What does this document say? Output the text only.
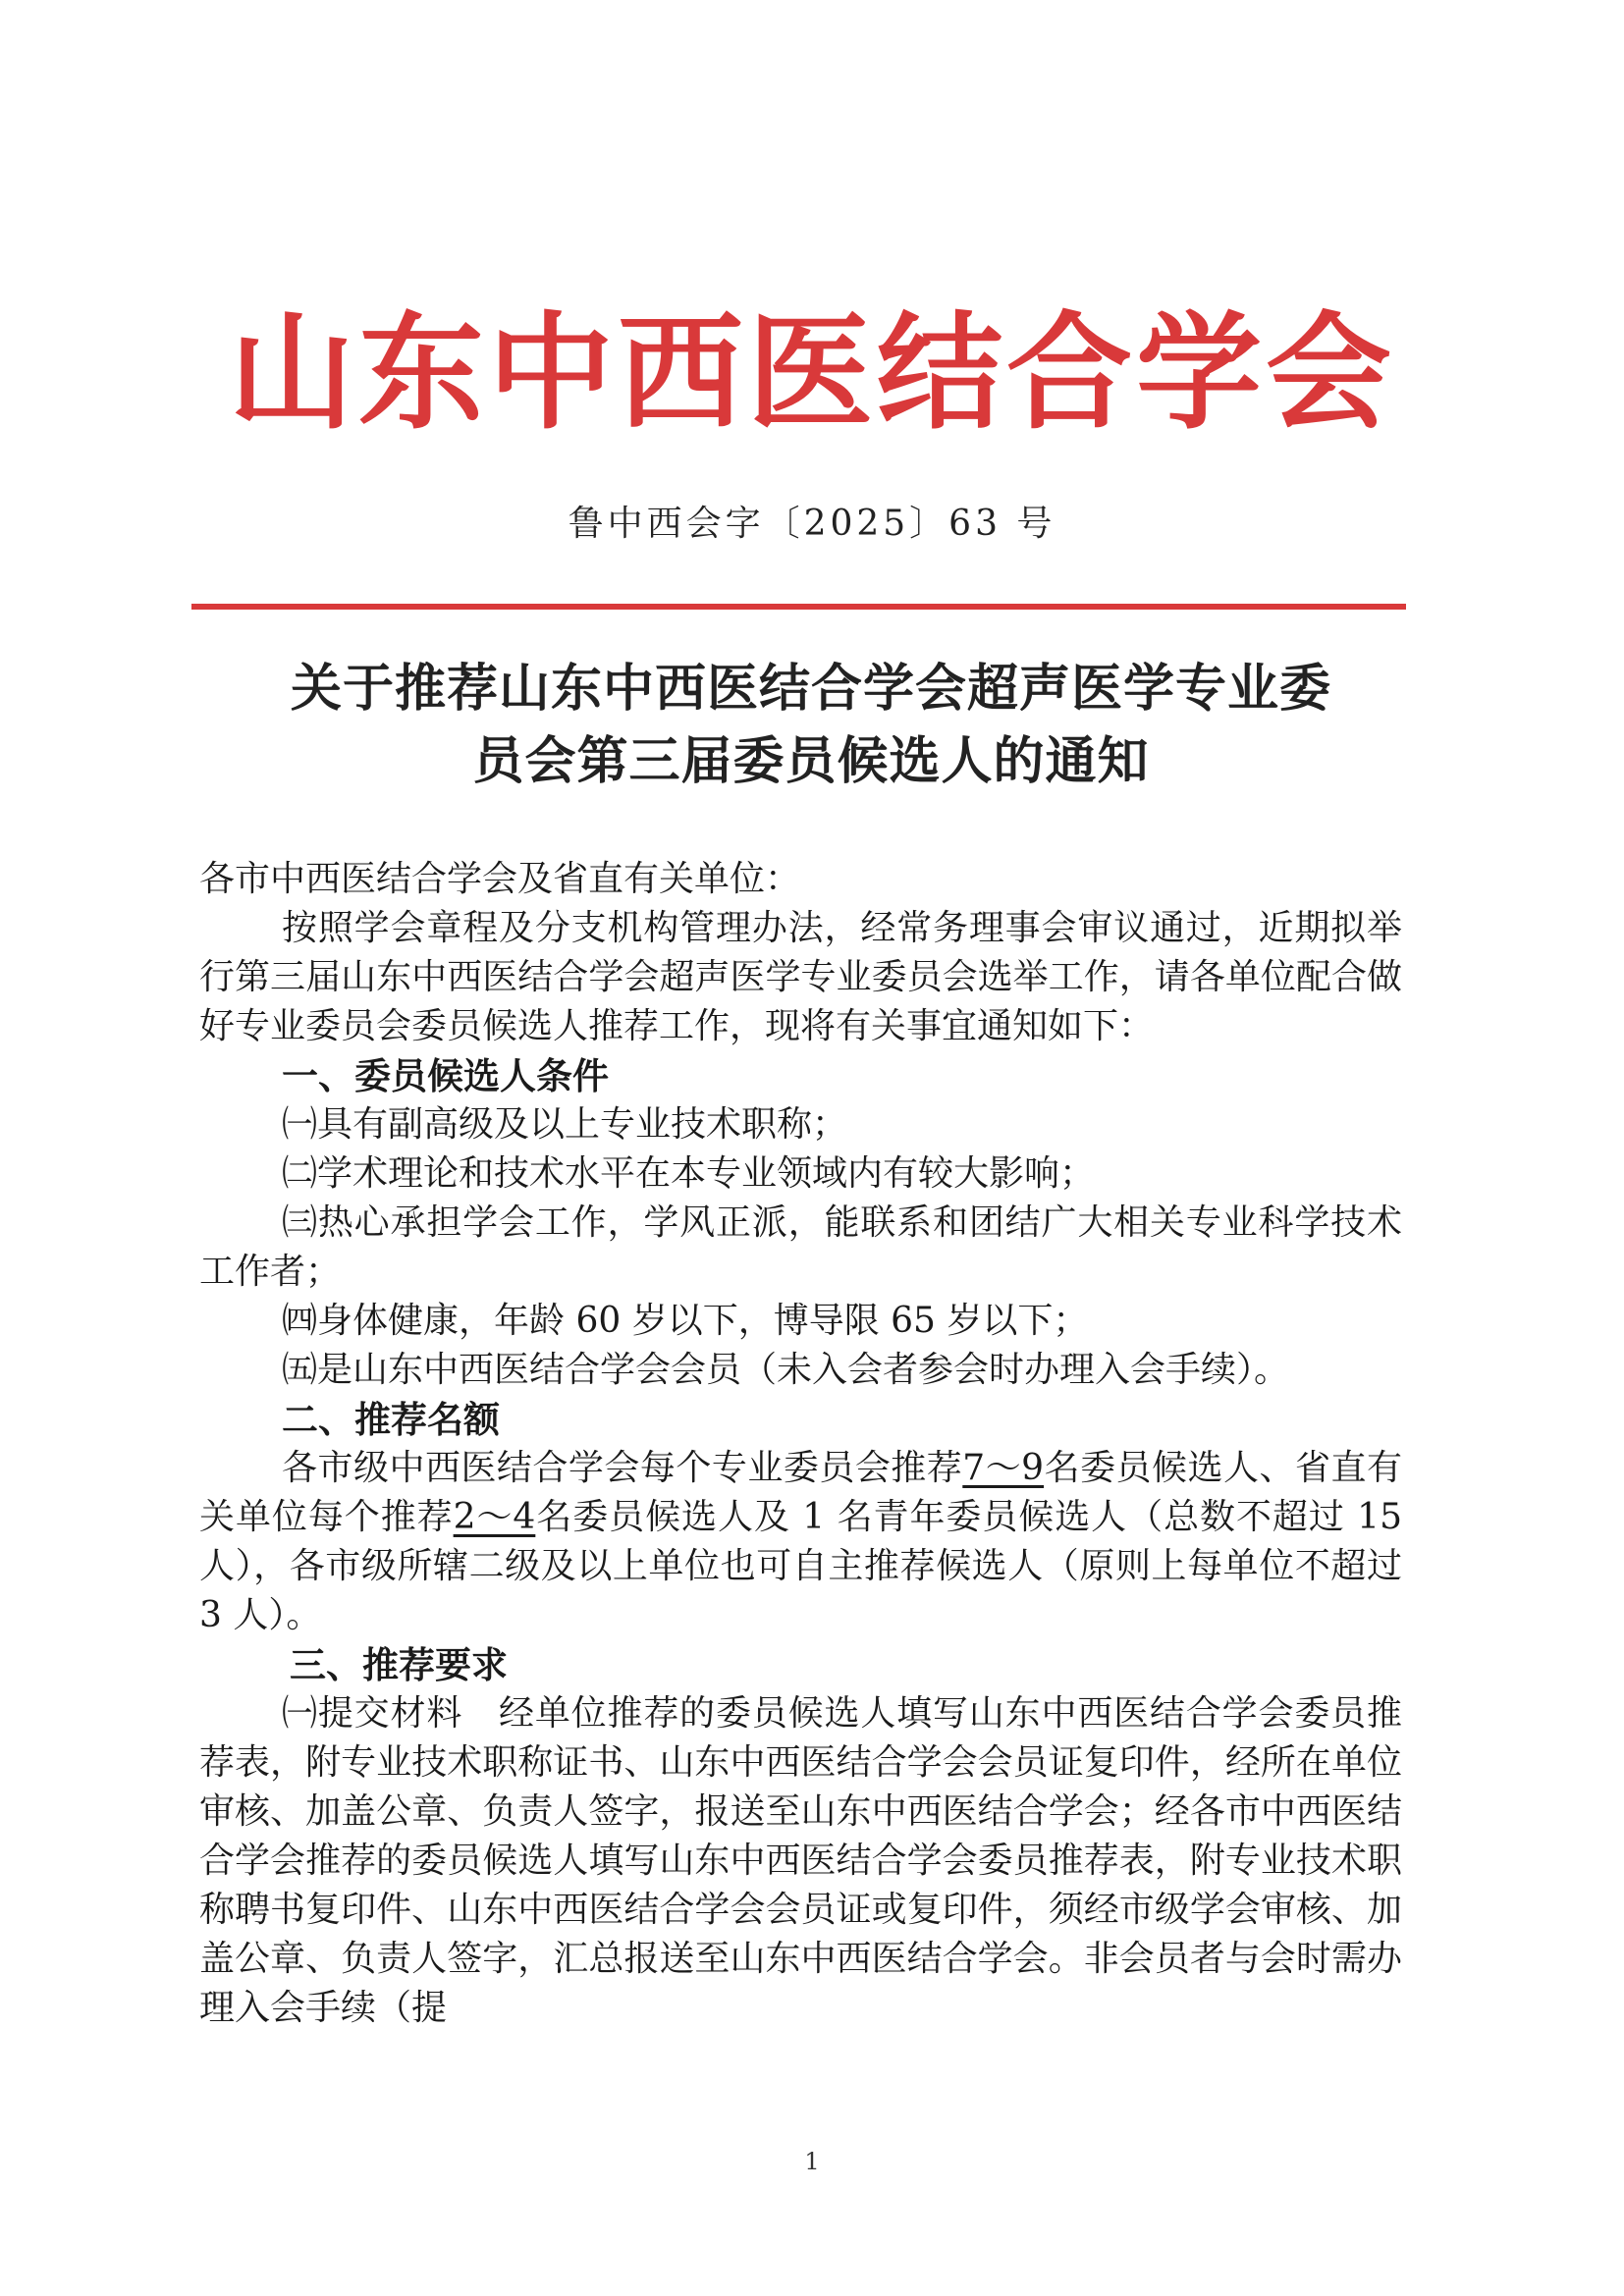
山东中西医结合学会
鲁中西会字〔2025〕63 号
关于推荐山东中西医结合学会超声医学专业委
员会第三届委员候选人的通知

各市中西医结合学会及省直有关单位：

按照学会章程及分支机构管理办法，经常务理事会审议通过，近期拟举行第三届山东中西医结合学会超声医学专业委员会选举工作，请各单位配合做好专业委员会委员候选人推荐工作，现将有关事宜通知如下：

一、委员候选人条件

㈠具有副高级及以上专业技术职称；

㈡学术理论和技术水平在本专业领域内有较大影响；

㈢热心承担学会工作，学风正派，能联系和团结广大相关专业科学技术工作者；

㈣身体健康，年龄 60 岁以下，博导限 65 岁以下；

㈤是山东中西医结合学会会员（未入会者参会时办理入会手续）。

二、推荐名额

各市级中西医结合学会每个专业委员会推荐7～9名委员候选人、省直有关单位每个推荐2～4名委员候选人及 1 名青年委员候选人（总数不超过 15 人），各市级所辖二级及以上单位也可自主推荐候选人（原则上每单位不超过 3 人）。

三、推荐要求

㈠提交材料　经单位推荐的委员候选人填写山东中西医结合学会委员推荐表，附专业技术职称证书、山东中西医结合学会会员证复印件，经所在单位审核、加盖公章、负责人签字，报送至山东中西医结合学会；经各市中西医结合学会推荐的委员候选人填写山东中西医结合学会委员推荐表，附专业技术职称聘书复印件、山东中西医结合学会会员证或复印件，须经市级学会审核、加盖公章、负责人签字，汇总报送至山东中西医结合学会。非会员者与会时需办理入会手续（提

1
